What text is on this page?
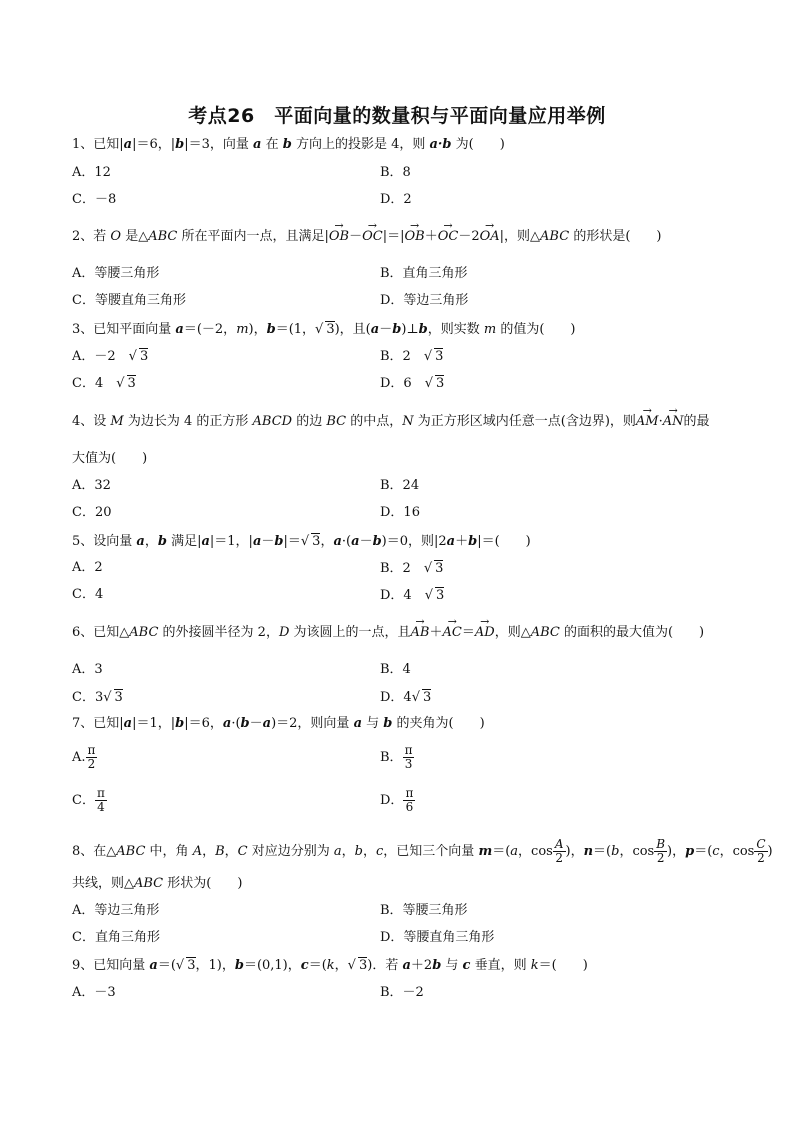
考点26　平面向量的数量积与平面向量应用举例
1、已知|a|＝6，|b|＝3，向量 a 在 b 方向上的投影是 4，则 a·b 为(　　)
A．12	B．8
C．－8	D．2
2、若 O 是△ABC 所在平面内一点，且满足|→ OB－→ OC|＝|→ OB＋→ OC－2→ OA|，则△ABC 的形状是(　　)
A．等腰三角形	B．直角三角形
C．等腰直角三角形	D．等边三角形
3、已知平面向量 a＝(－2，m)，b＝(1，√ 3)，且(a－b)⊥b，则实数 m 的值为(　　)
A．－2　√ 3	B．2　√ 3
C．4　√ 3	D．6　√ 3
4、设 M 为边长为 4 的正方形 ABCD 的边 BC 的中点，N 为正方形区域内任意一点(含边界)，则→ AM·→ AN的最
大值为(　　)
A．32	B．24
C．20	D．16
5、设向量 a，b 满足|a|＝1，|a－b|＝√ 3，a·(a－b)＝0，则|2a＋b|＝(　　)
A．2	B．2　√ 3
C．4	D．4　√ 3
6、已知△ABC 的外接圆半径为 2，D 为该圆上的一点，且→ AB＋→ AC＝→ AD，则△ABC 的面积的最大值为(　　)
A．3	B．4
C．3√ 3	D．4√ 3
7、已知|a|＝1，|b|＝6，a·(b－a)＝2，则向量 a 与 b 的夹角为(　　)
A. $\frac{\pi}{2}$	B． $\frac{\pi}{3}$
C． $\frac{\pi}{4}$	D． $\frac{\pi}{6}$
8、在△ABC 中，角 A，B，C 对应边分别为 a，b，c，已知三个向量 m＝(a，$\cos \frac{A}{2}$ )，n＝(b，$\cos \frac{B}{2}$ )，p＝(c，$\cos \frac{C}{2}$ )
共线，则△ABC 形状为(　　)
A．等边三角形	B．等腰三角形
C．直角三角形	D．等腰直角三角形
9、已知向量 a＝(√ 3，1)，b＝(0,1)，c＝(k，√ 3)．若 a＋2b 与 c 垂直，则 k＝(　　)
A．－3	B．－2
